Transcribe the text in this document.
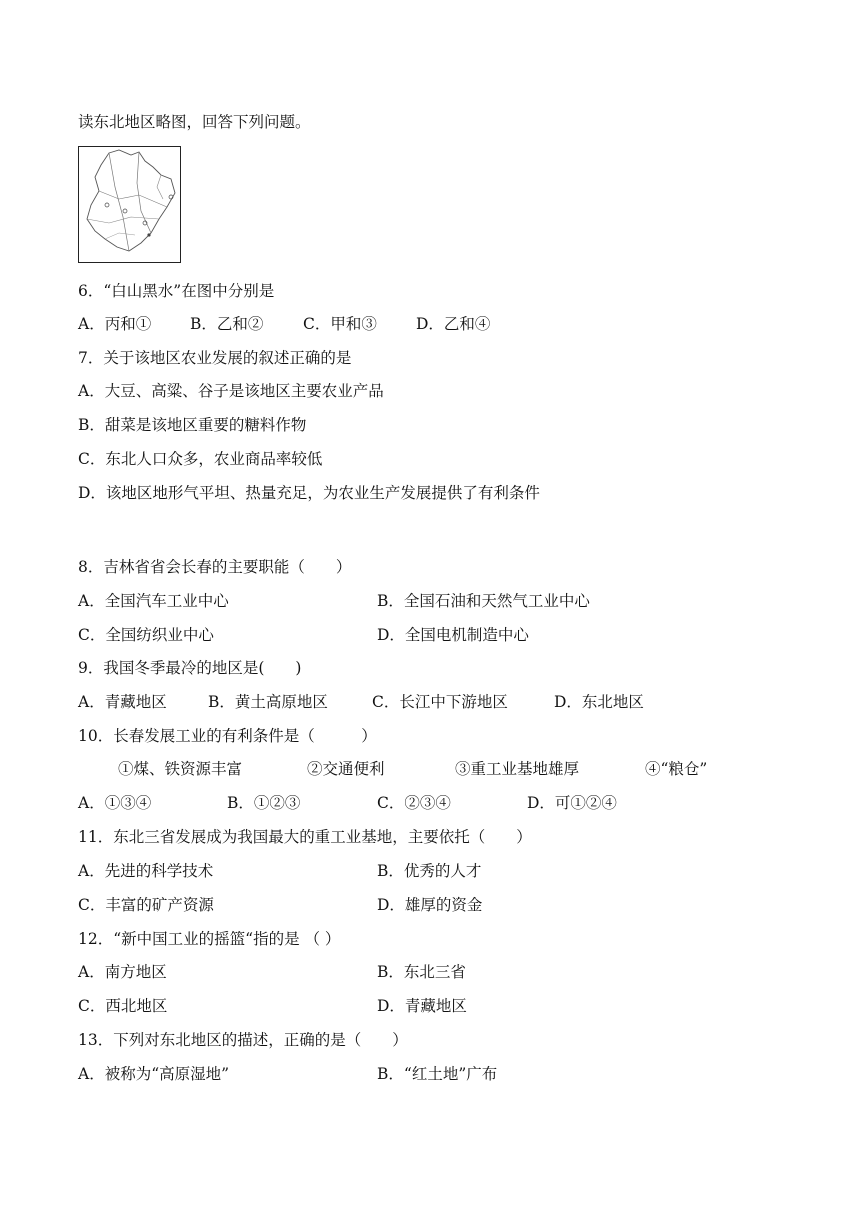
读东北地区略图，回答下列问题。
6．“白山黑水”在图中分别是
A．丙和①	B．乙和②	C．甲和③	D．乙和④
7．关于该地区农业发展的叙述正确的是
A．大豆、高粱、谷子是该地区主要农业产品
B．甜菜是该地区重要的糖料作物
C．东北人口众多，农业商品率较低
D．该地区地形气平坦、热量充足，为农业生产发展提供了有利条件
8．吉林省省会长春的主要职能（　　）
A．全国汽车工业中心	B．全国石油和天然气工业中心
C．全国纺织业中心	D．全国电机制造中心
9．我国冬季最冷的地区是(　　)
A．青藏地区	B．黄土高原地区	C．长江中下游地区	D．东北地区
10．长春发展工业的有利条件是（　　　）
①煤、铁资源丰富	②交通便利	③重工业基地雄厚	④“粮仓”
A．①③④	B．①②③	C．②③④	D．可①②④
11．东北三省发展成为我国最大的重工业基地，主要依托（　　）
A．先进的科学技术	B．优秀的人才
C．丰富的矿产资源	D．雄厚的资金
12．“新中国工业的摇篮“指的是 （ ）
A．南方地区	B．东北三省
C．西北地区	D．青藏地区
13．下列对东北地区的描述，正确的是（　　）
A．被称为“高原湿地”	B．“红土地”广布
